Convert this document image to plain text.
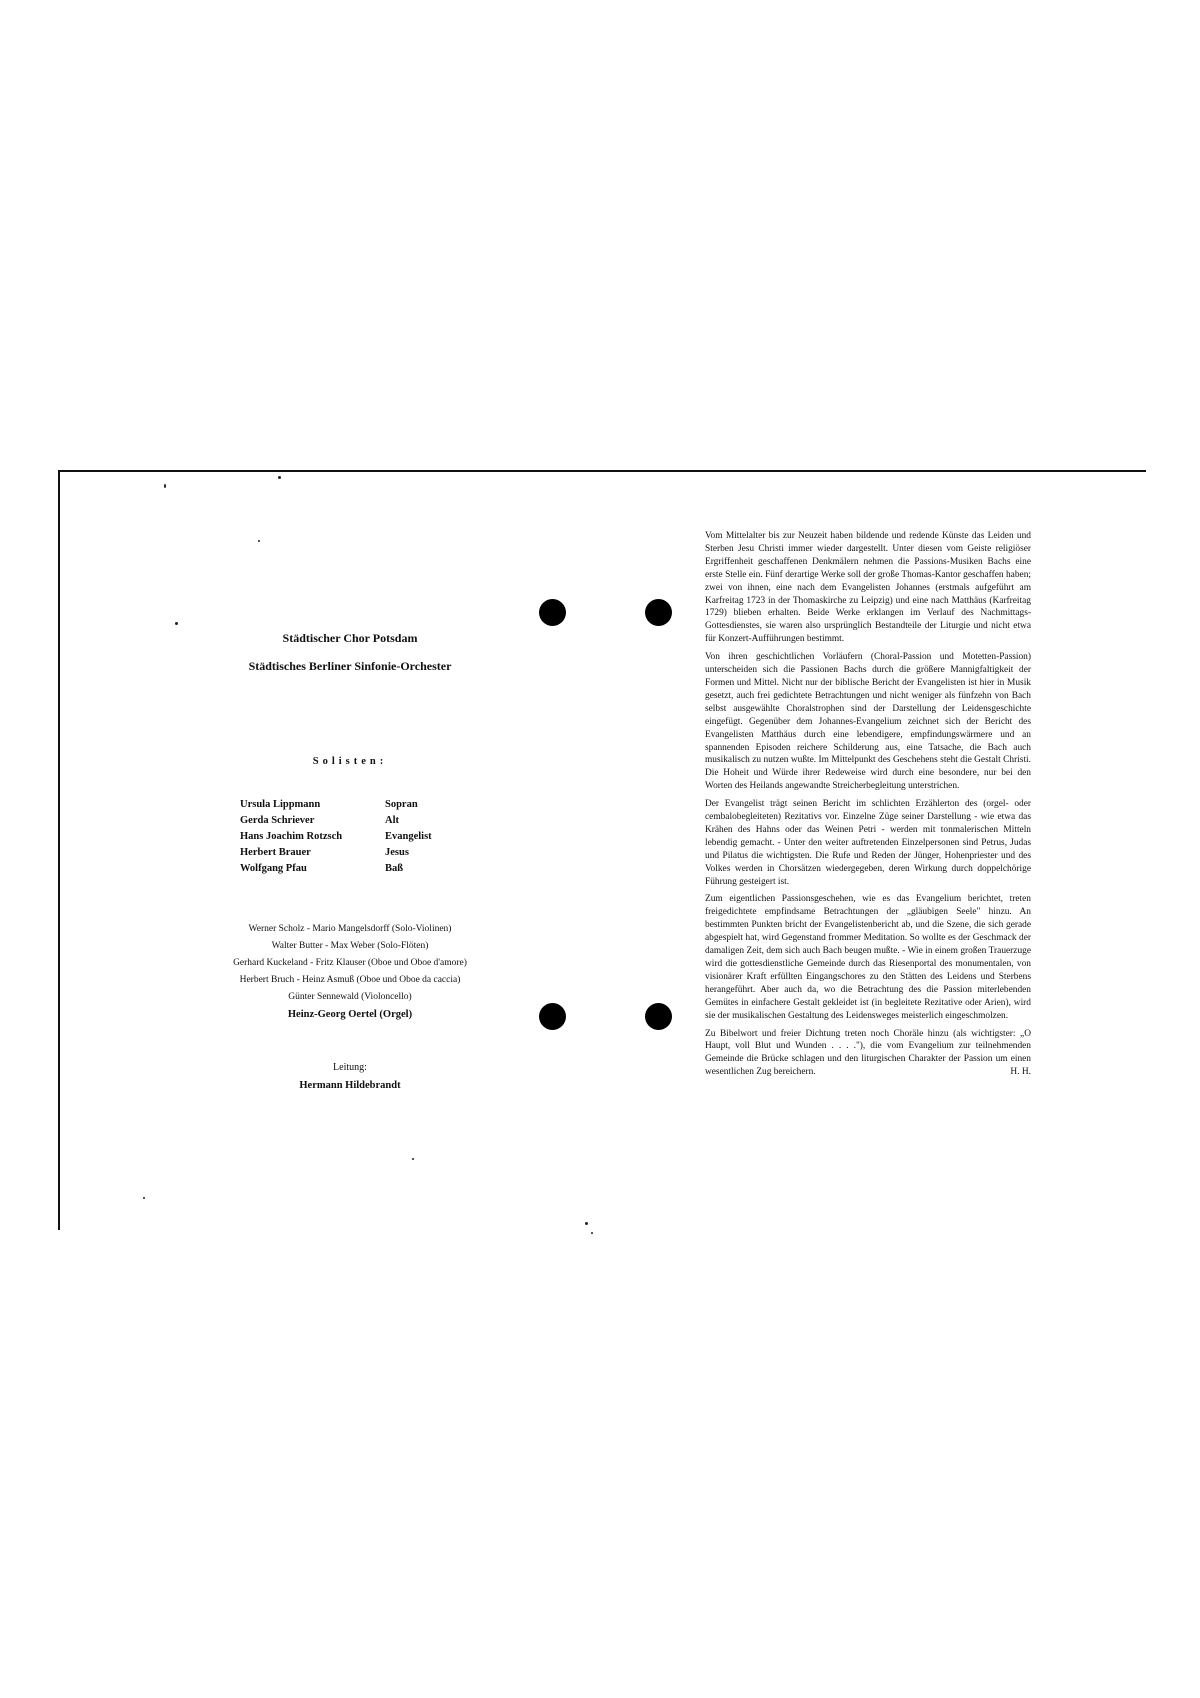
Städtischer Chor Potsdam
Städtisches Berliner Sinfonie-Orchester
Solisten:
Ursula Lippmann	Sopran
Gerda Schriever	Alt
Hans Joachim Rotzsch	Evangelist
Herbert Brauer	Jesus
Wolfgang Pfau	Baß
Werner Scholz - Mario Mangelsdorff (Solo-Violinen)
Walter Butter - Max Weber (Solo-Flöten)
Gerhard Kuckeland - Fritz Klauser (Oboe und Oboe d'amore)
Herbert Bruch - Heinz Asmuß (Oboe und Oboe da caccia)
Günter Sennewald (Violoncello)
Heinz-Georg Oertel (Orgel)
Leitung:
Hermann Hildebrandt

Vom Mittelalter bis zur Neuzeit haben bildende und redende Künste das Leiden und Sterben Jesu Christi immer wieder dargestellt. Unter diesen vom Geiste religiöser Ergriffenheit geschaffenen Denkmälern nehmen die Passions-Musiken Bachs eine erste Stelle ein. Fünf derartige Werke soll der große Thomas-Kantor geschaffen haben; zwei von ihnen, eine nach dem Evangelisten Johannes (erstmals aufgeführt am Karfreitag 1723 in der Thomaskirche zu Leipzig) und eine nach Matthäus (Karfreitag 1729) blieben erhalten. Beide Werke erklangen im Verlauf des Nachmittags-Gottesdienstes, sie waren also ursprünglich Bestandteile der Liturgie und nicht etwa für Konzert-Aufführungen bestimmt.

Von ihren geschichtlichen Vorläufern (Choral-Passion und Motetten-Passion) unterscheiden sich die Passionen Bachs durch die größere Mannigfaltigkeit der Formen und Mittel. Nicht nur der biblische Bericht der Evangelisten ist hier in Musik gesetzt, auch frei gedichtete Betrachtungen und nicht weniger als fünfzehn von Bach selbst ausgewählte Choralstrophen sind der Darstellung der Leidensgeschichte eingefügt. Gegenüber dem Johannes-Evangelium zeichnet sich der Bericht des Evangelisten Matthäus durch eine lebendigere, empfindungswärmere und an spannenden Episoden reichere Schilderung aus, eine Tatsache, die Bach auch musikalisch zu nutzen wußte. Im Mittelpunkt des Geschehens steht die Gestalt Christi. Die Hoheit und Würde ihrer Redeweise wird durch eine besondere, nur bei den Worten des Heilands angewandte Streicherbegleitung unterstrichen.

Der Evangelist trägt seinen Bericht im schlichten Erzählerton des (orgel- oder cembalobegleiteten) Rezitativs vor. Einzelne Züge seiner Darstellung - wie etwa das Krähen des Hahns oder das Weinen Petri - werden mit tonmalerischen Mitteln lebendig gemacht. - Unter den weiter auftretenden Einzelpersonen sind Petrus, Judas und Pilatus die wichtigsten. Die Rufe und Reden der Jünger, Hohenpriester und des Volkes werden in Chorsätzen wiedergegeben, deren Wirkung durch doppelchörige Führung gesteigert ist.

Zum eigentlichen Passionsgeschehen, wie es das Evangelium berichtet, treten freigedichtete empfindsame Betrachtungen der „gläubigen Seele" hinzu. An bestimmten Punkten bricht der Evangelistenbericht ab, und die Szene, die sich gerade abgespielt hat, wird Gegenstand frommer Meditation. So wollte es der Geschmack der damaligen Zeit, dem sich auch Bach beugen mußte. - Wie in einem großen Trauerzuge wird die gottesdienstliche Gemeinde durch das Riesenportal des monumentalen, von visionärer Kraft erfüllten Eingangschores zu den Stätten des Leidens und Sterbens herangeführt. Aber auch da, wo die Betrachtung des die Passion miterlebenden Gemütes in einfachere Gestalt gekleidet ist (in begleitete Rezitative oder Arien), wird sie der musikalischen Gestaltung des Leidensweges meisterlich eingeschmolzen.

Zu Bibelwort und freier Dichtung treten noch Choräle hinzu (als wichtigster: „O Haupt, voll Blut und Wunden . . . ."), die vom Evangelium zur teilnehmenden Gemeinde die Brücke schlagen und den liturgischen Charakter der Passion um einen wesentlichen Zug bereichern.	H. H.
